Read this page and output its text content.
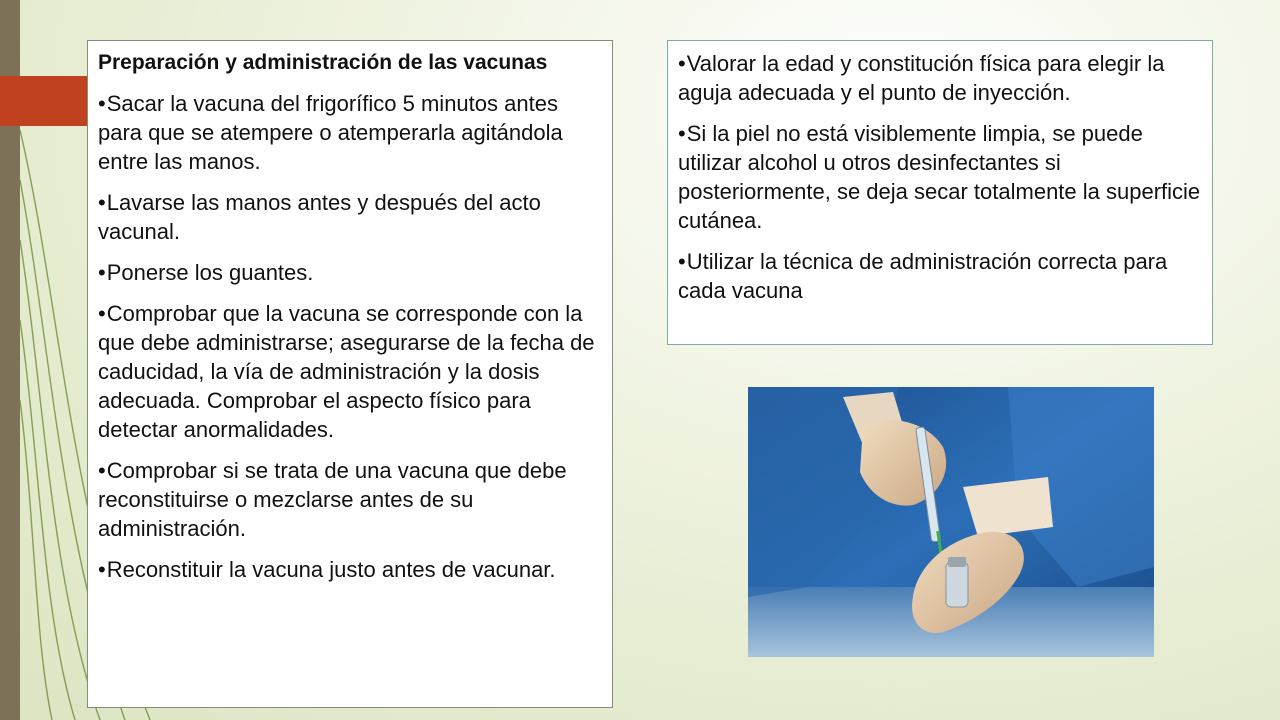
Preparación y administración de las vacunas
•Sacar la vacuna del frigorífico 5 minutos antes para que se atempere o atemperarla agitándola entre las manos.
•Lavarse las manos antes y después del acto vacunal.
•Ponerse los guantes.
•Comprobar que la vacuna se corresponde con la que debe administrarse; asegurarse de la fecha de caducidad, la vía de administración y la dosis adecuada. Comprobar el aspecto físico para detectar anormalidades.
•Comprobar si se trata de una vacuna que debe reconstituirse o mezclarse antes de su administración.
•Reconstituir la vacuna justo antes de vacunar.
•Valorar la edad y constitución física para elegir la aguja adecuada y el punto de inyección.
•Si la piel no está visiblemente limpia, se puede utilizar alcohol u otros desinfectantes si posteriormente, se deja secar totalmente la superficie cutánea.
•Utilizar la técnica de administración correcta para cada vacuna
